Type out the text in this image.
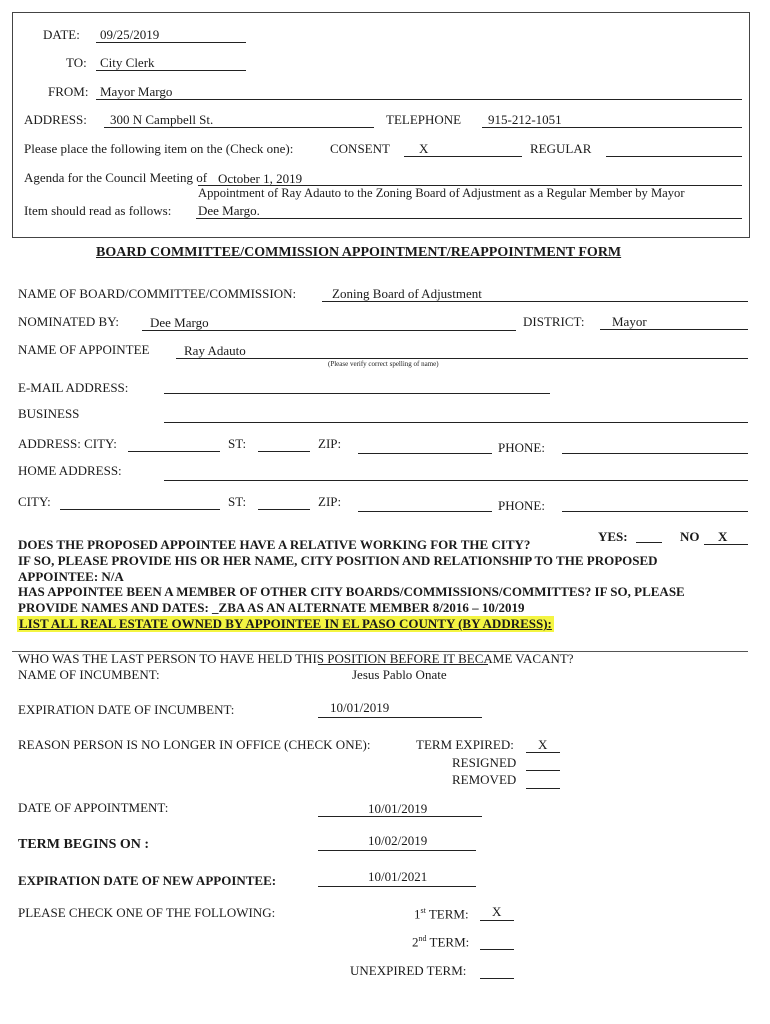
DATE: 09/25/2019
TO: City Clerk
FROM: Mayor Margo
ADDRESS: 300 N Campbell St.	TELEPHONE 915-212-1051
Please place the following item on the (Check one):	CONSENT X	REGULAR
Agenda for the Council Meeting of October 1, 2019
Appointment of Ray Adauto to the Zoning Board of Adjustment as a Regular Member by Mayor
Item should read as follows: Dee Margo.
BOARD COMMITTEE/COMMISSION APPOINTMENT/REAPPOINTMENT FORM
NAME OF BOARD/COMMITTEE/COMMISSION:	Zoning Board of Adjustment
NOMINATED BY: Dee Margo	DISTRICT: Mayor
NAME OF APPOINTEE	Ray Adauto
(Please verify correct spelling of name)
E-MAIL ADDRESS:
BUSINESS
ADDRESS: CITY:	ST:	ZIP:	PHONE:
HOME ADDRESS:
CITY:	ST:	ZIP:	PHONE:
YES:	NO X
DOES THE PROPOSED APPOINTEE HAVE A RELATIVE WORKING FOR THE CITY?
IF SO, PLEASE PROVIDE HIS OR HER NAME, CITY POSITION AND RELATIONSHIP TO THE PROPOSED
APPOINTEE: N/A
HAS APPOINTEE BEEN A MEMBER OF OTHER CITY BOARDS/COMMISSIONS/COMMITTES? IF SO, PLEASE
PROVIDE NAMES AND DATES: _ZBA AS AN ALTERNATE MEMBER 8/2016 – 10/2019
LIST ALL REAL ESTATE OWNED BY APPOINTEE IN EL PASO COUNTY (BY ADDRESS):
WHO WAS THE LAST PERSON TO HAVE HELD THIS POSITION BEFORE IT BECAME VACANT?
NAME OF INCUMBENT:	Jesus Pablo Onate
EXPIRATION DATE OF INCUMBENT:	10/01/2019
REASON PERSON IS NO LONGER IN OFFICE (CHECK ONE):	TERM EXPIRED: X
RESIGNED
REMOVED
DATE OF APPOINTMENT:	10/01/2019
TERM BEGINS ON :	10/02/2019
EXPIRATION DATE OF NEW APPOINTEE:	10/01/2021
PLEASE CHECK ONE OF THE FOLLOWING:	1st TERM: X
2nd TERM:
UNEXPIRED TERM:
